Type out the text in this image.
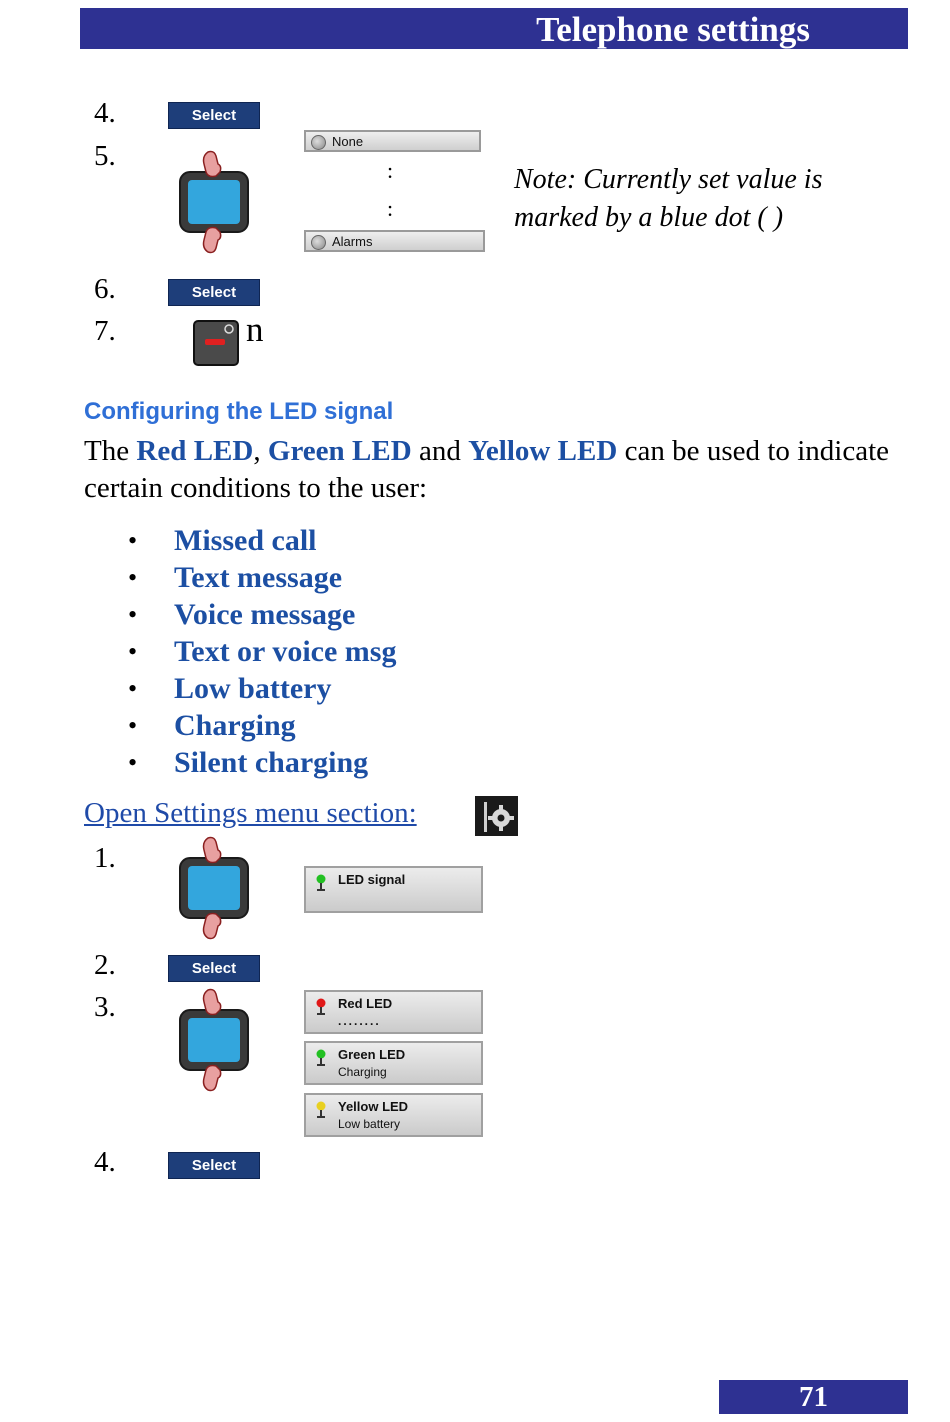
Telephone settings
4.	Select
5.	None
:
:
Alarms
Note: Currently set value is marked by a blue dot ( )
6.	Select
7.	n
Configuring the LED signal
The Red LED, Green LED and Yellow LED can be used to indicate certain conditions to the user:
• Missed call
• Text message
• Voice message
• Text or voice msg
• Low battery
• Charging
• Silent charging
Open Settings menu section:
1.
LED signal
2.	Select
3.	Red LED
........
Green LED
Charging
Yellow LED
Low battery
4.	Select
71
